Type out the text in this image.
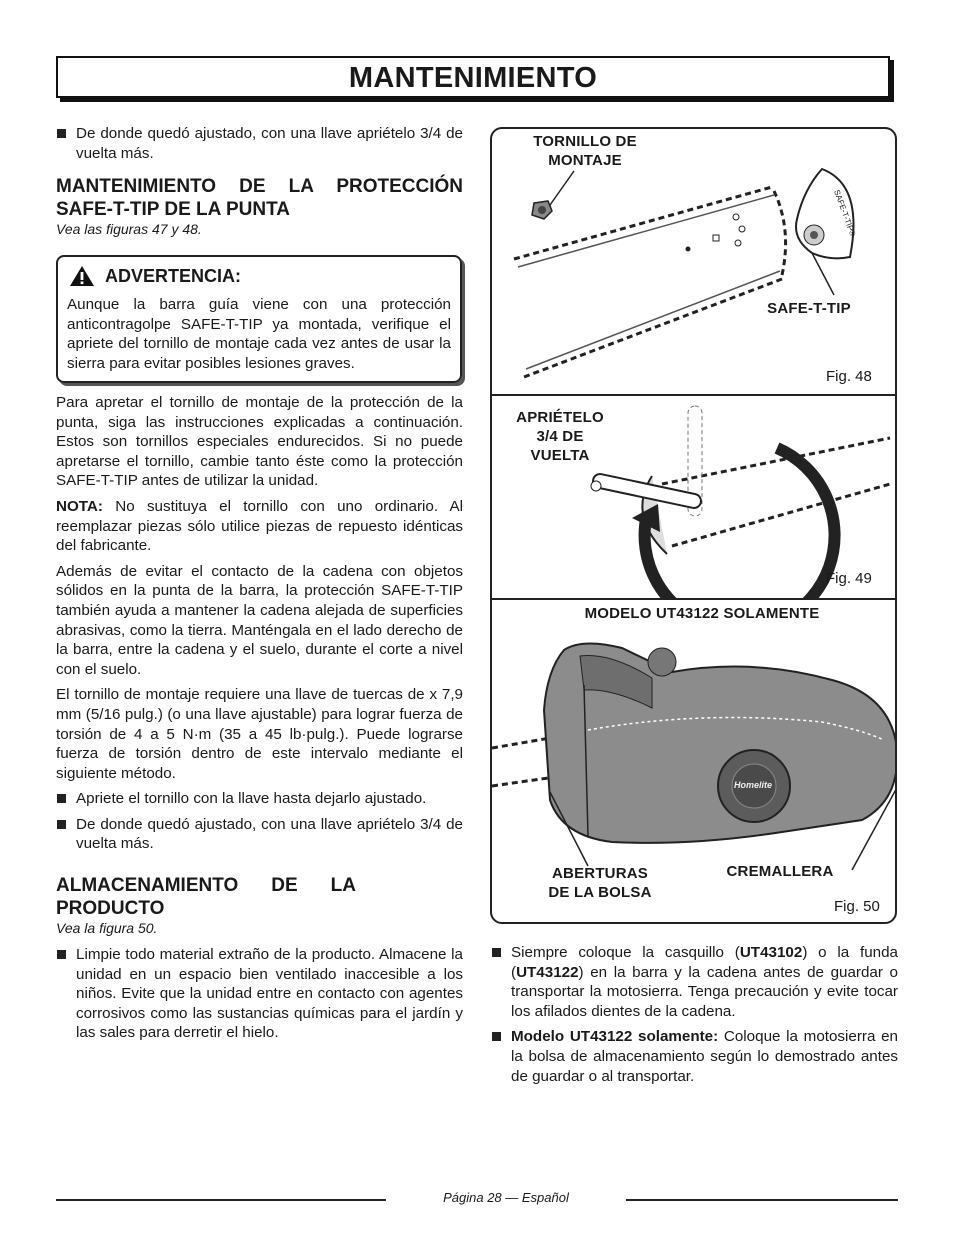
MANTENIMIENTO
De donde quedó ajustado, con una llave apriételo 3/4 de vuelta más.
MANTENIMIENTO DE LA PROTECCIÓN SAFE-T-TIP DE LA PUNTA
Vea las figuras 47 y 48.
ADVERTENCIA:
Aunque la barra guía viene con una protección anticontragolpe SAFE-T-TIP ya montada, verifique el apriete del tornillo de montaje cada vez antes de usar la sierra para evitar posibles lesiones graves.

Para apretar el tornillo de montaje de la protección de la punta, siga las instrucciones explicadas a continuación. Estos son tornillos especiales endurecidos. Si no puede apretarse el tornillo, cambie tanto éste como la protección SAFE-T-TIP antes de utilizar la unidad.

NOTA: No sustituya el tornillo con uno ordinario. Al reemplazar piezas sólo utilice piezas de repuesto idénticas del fabricante.

Además de evitar el contacto de la cadena con objetos sólidos en la punta de la barra, la protección SAFE-T-TIP también ayuda a mantener la cadena alejada de superficies abrasivas, como la tierra. Manténgala en el lado derecho de la barra, entre la cadena y el suelo, durante el corte a nivel con el suelo.

El tornillo de montaje requiere una llave de tuercas de x 7,9 mm (5/16 pulg.) (o una llave ajustable) para lograr fuerza de torsión de 4 a 5 N·m (35 a 45 lb·pulg.). Puede lograrse fuerza de torsión dentro de este intervalo mediante el siguiente método.

Apriete el tornillo con la llave hasta dejarlo ajustado.
De donde quedó ajustado, con una llave apriételo 3/4 de vuelta más.
ALMACENAMIENTO DE LA PRODUCTO
Vea la figura 50.
Limpie todo material extraño de la producto. Almacene la unidad en un espacio bien ventilado inaccesible a los niños. Evite que la unidad entre en contacto con agentes corrosivos como las sustancias químicas para el jardín y las sales para derretir el hielo.
SAFE-T-TIP®
TORNILLO DE MONTAJE
SAFE-T-TIP
Fig. 48
APRIÉTELO 3/4 DE VUELTA
Fig. 49
MODELO UT43122 SOLAMENTE
Homelite
ABERTURAS DE LA BOLSA
CREMALLERA
Fig. 50
Siempre coloque la casquillo (UT43102) o la funda (UT43122) en la barra y la cadena antes de guardar o transportar la motosierra. Tenga precaución y evite tocar los afilados dientes de la cadena.
Modelo UT43122 solamente: Coloque la motosierra en la bolsa de almacenamiento según lo demostrado antes de guardar o al transportar.
Página 28 — Español
